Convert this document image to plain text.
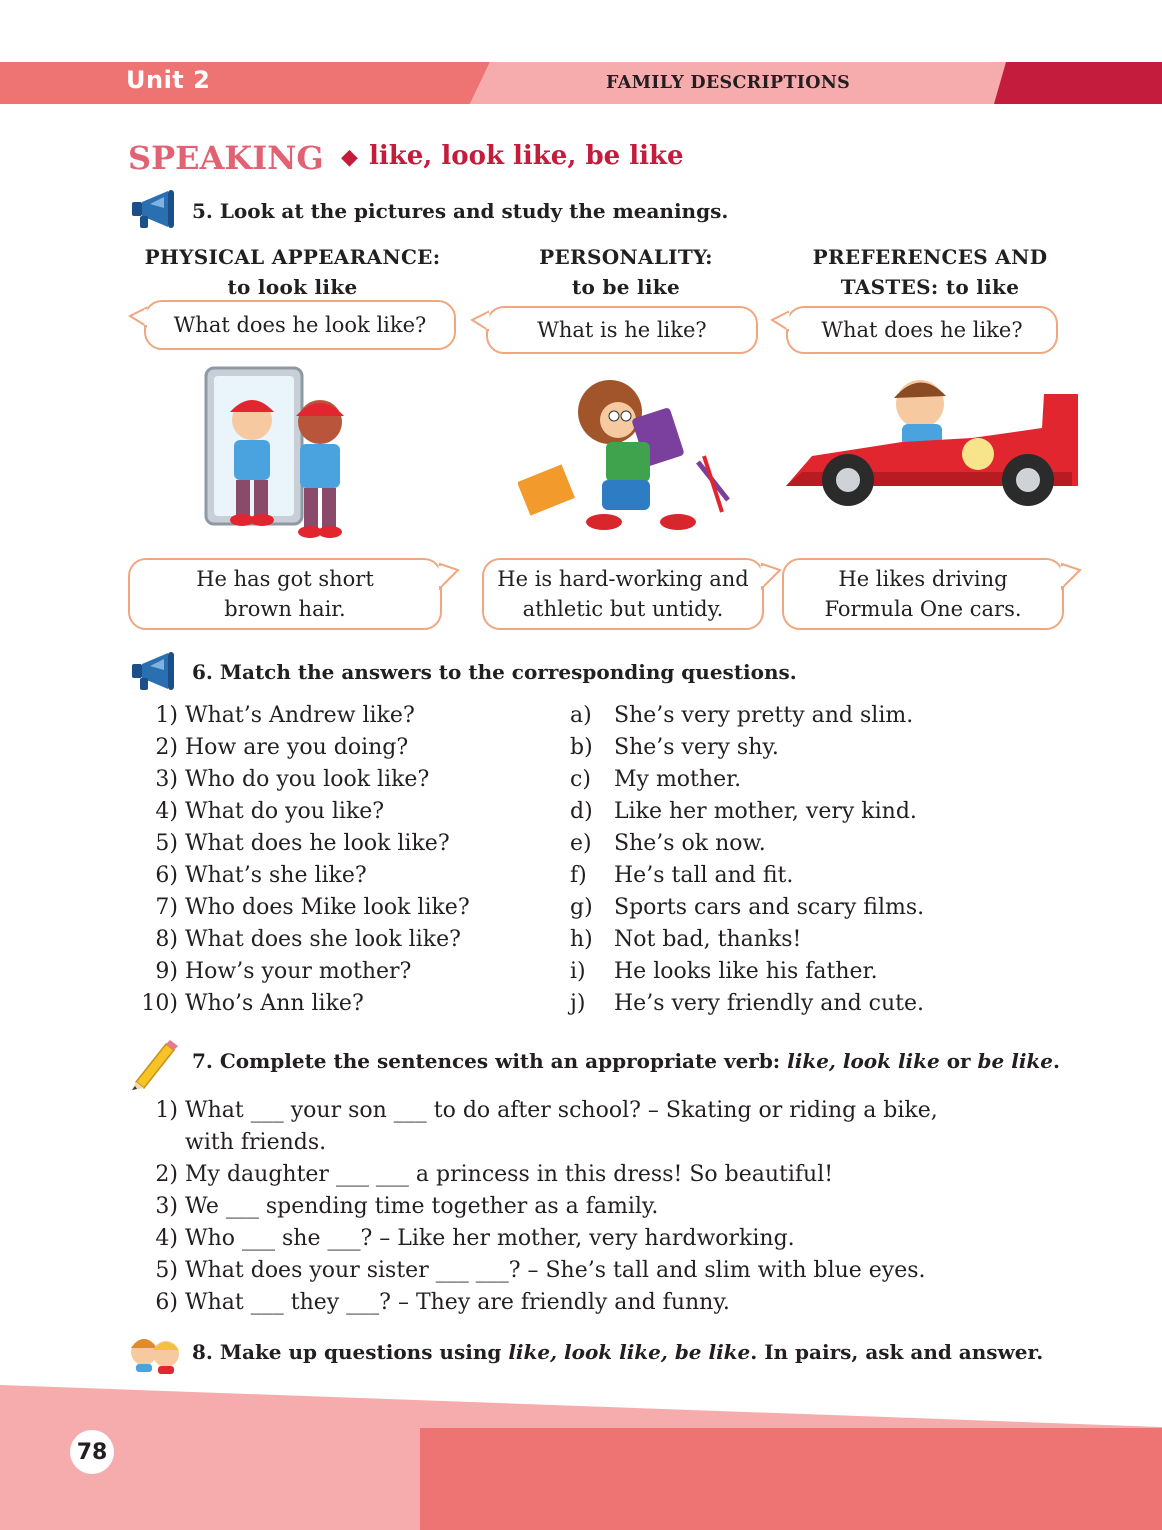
Unit 2	FAMILY DESCRIPTIONS
SPEAKING ◆ like, look like, be like
5. Look at the pictures and study the meanings.
PHYSICAL APPEARANCE:
to look like
PERSONALITY:
to be like
PREFERENCES AND
TASTES: to like
What does he look like?	What is he like?	What does he like?
He has got short
brown hair.
He is hard-working and
athletic but untidy.
He likes driving
Formula One cars.
6. Match the answers to the corresponding questions.
1) What’s Andrew like?
2) How are you doing?
3) Who do you look like?
4) What do you like?
5) What does he look like?
6) What’s she like?
7) Who does Mike look like?
8) What does she look like?
9) How’s your mother?
10) Who’s Ann like?
a) She’s very pretty and slim.
b) She’s very shy.
c) My mother.
d) Like her mother, very kind.
e) She’s ok now.
f) He’s tall and fit.
g) Sports cars and scary films.
h) Not bad, thanks!
i) He looks like his father.
j) He’s very friendly and cute.
7. Complete the sentences with an appropriate verb: like, look like or be like.
1) What ___ your son ___ to do after school? – Skating or riding a bike,
with friends.
2) My daughter ___ ___ a princess in this dress! So beautiful!
3) We ___ spending time together as a family.
4) Who ___ she ___? – Like her mother, very hardworking.
5) What does your sister ___ ___? – She’s tall and slim with blue eyes.
6) What ___ they ___? – They are friendly and funny.
8. Make up questions using like, look like, be like. In pairs, ask and answer.
78
